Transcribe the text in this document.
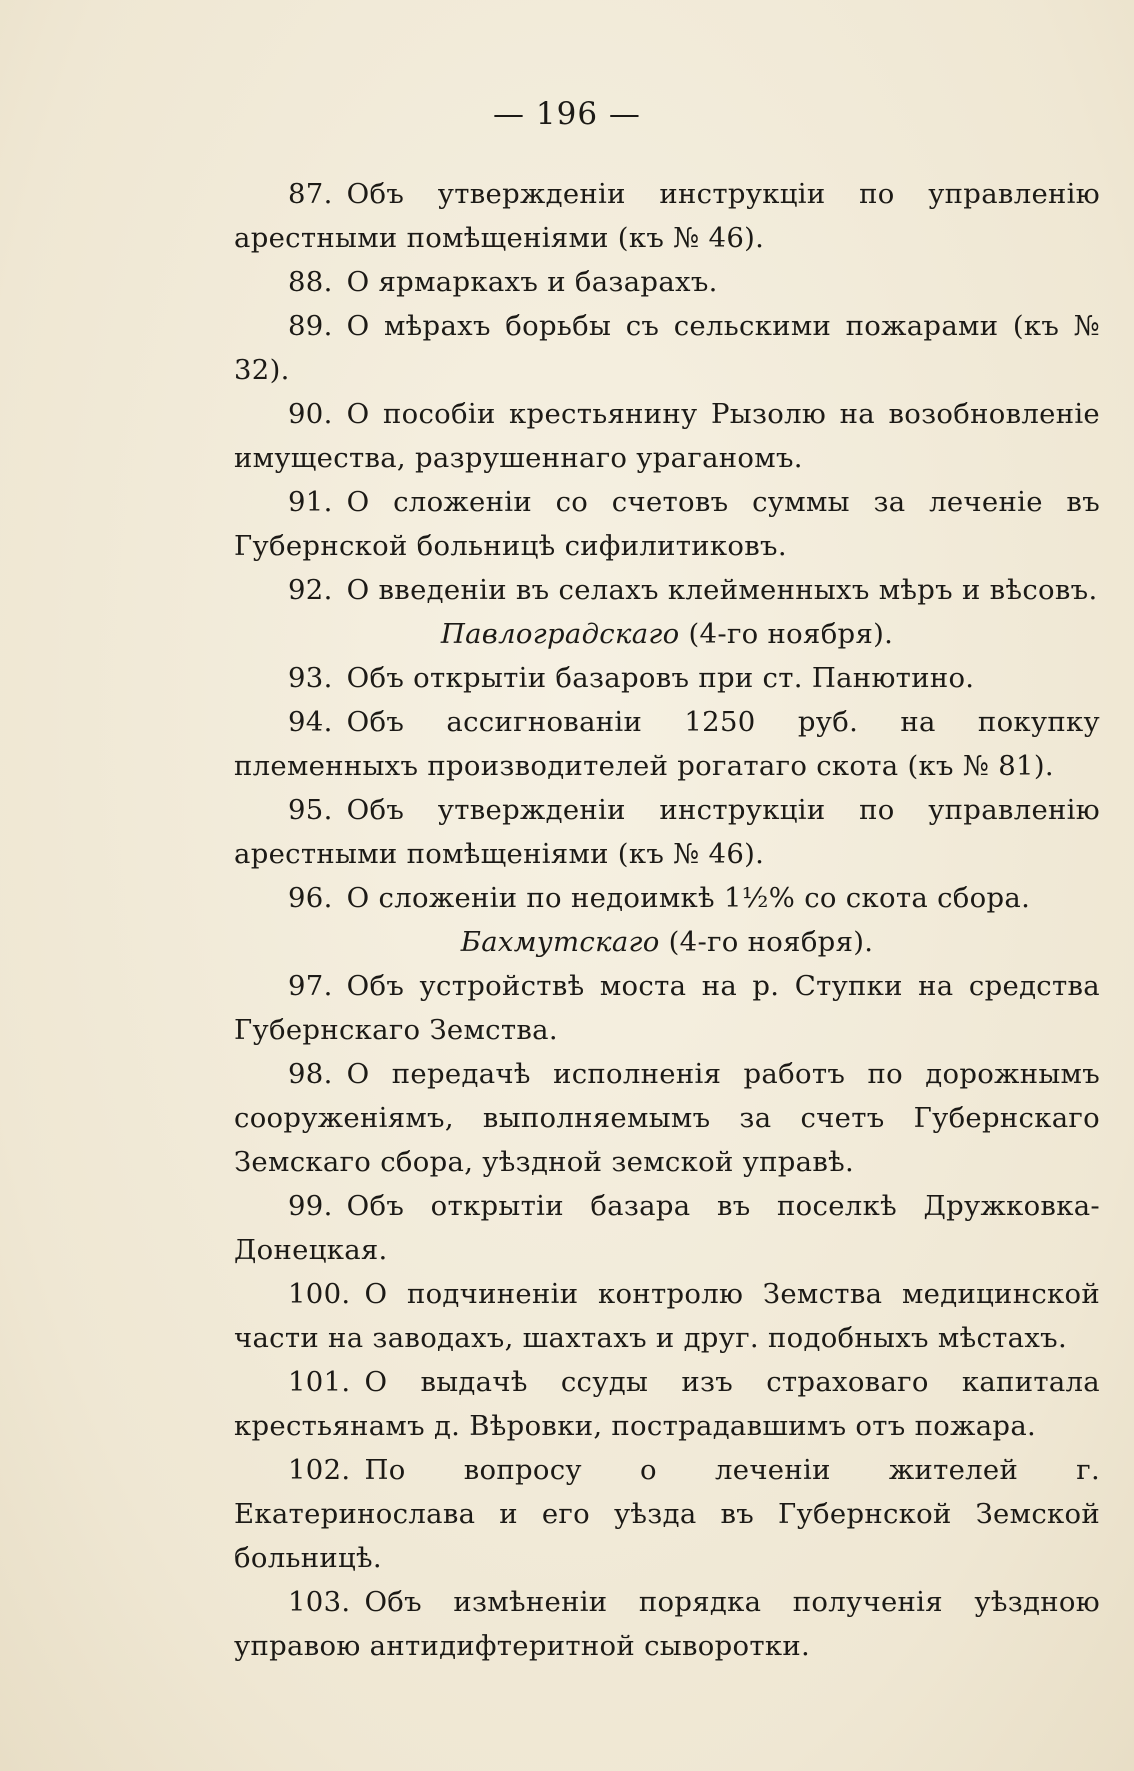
— 196 —

87. Объ утвержденіи инструкціи по управленію арестными помѣщеніями (къ № 46).

88. О ярмаркахъ и базарахъ.

89. О мѣрахъ борьбы съ сельскими пожарами (къ № 32).

90. О пособіи крестьянину Рызолю на возобновленіе имущества, разрушеннаго ураганомъ.

91. О сложеніи со счетовъ суммы за леченіе въ Губернской больницѣ сифилитиковъ.

92. О введеніи въ селахъ клейменныхъ мѣръ и вѣсовъ.

Павлоградскаго (4-го ноября).

93. Объ открытіи базаровъ при ст. Панютино.

94. Объ ассигнованіи 1250 руб. на покупку племенныхъ производителей рогатаго скота (къ № 81).

95. Объ утвержденіи инструкціи по управленію арестными помѣщеніями (къ № 46).

96. О сложеніи по недоимкѣ 1½% со скота сбора.

Бахмутскаго (4-го ноября).

97. Объ устройствѣ моста на р. Ступки на средства Губернскаго Земства.

98. О передачѣ исполненія работъ по дорожнымъ сооруженіямъ, выполняемымъ за счетъ Губернскаго Земскаго сбора, уѣздной земской управѣ.

99. Объ открытіи базара въ поселкѣ Дружковка-Донецкая.

100. О подчиненіи контролю Земства медицинской части на заводахъ, шахтахъ и друг. подобныхъ мѣстахъ.

101. О выдачѣ ссуды изъ страховаго капитала крестьянамъ д. Вѣровки, пострадавшимъ отъ пожара.

102. По вопросу о леченіи жителей г. Екатеринослава и его уѣзда въ Губернской Земской больницѣ.

103. Объ измѣненіи порядка полученія уѣздною управою антидифтеритной сыворотки.
